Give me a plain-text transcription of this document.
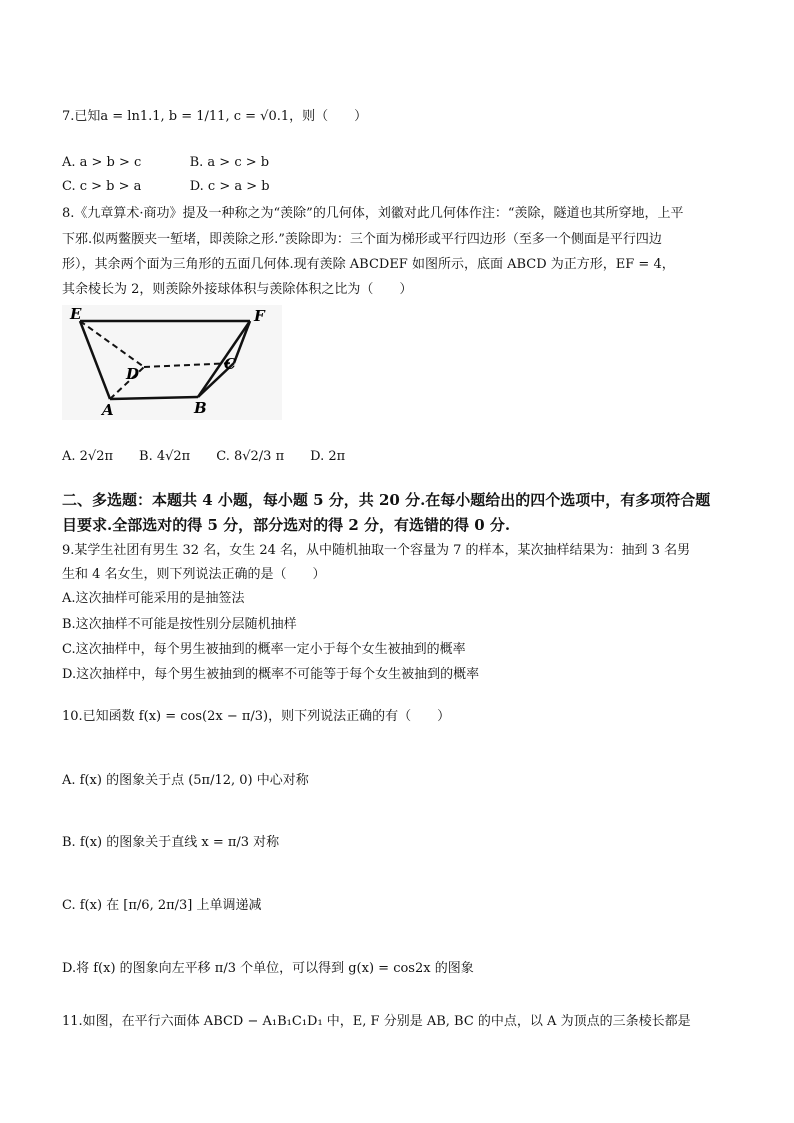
7.已知a = ln1.1, b = 1/11, c = √0.1，则（　　）
A. a > b > c	B. a > c > b
C. c > b > a	D. c > a > b
8.《九章算术·商功》提及一种称之为“羡除”的几何体，刘徽对此几何体作注：“羡除，隧道也其所穿地，上平
下邪.似两鳖腝夹一堑堵，即羡除之形.”羡除即为：三个面为梯形或平行四边形（至多一个侧面是平行四边
形），其余两个面为三角形的五面几何体.现有羡除 ABCDEF 如图所示，底面 ABCD 为正方形，EF = 4，
其余棱长为 2，则羡除外接球体积与羡除体积之比为（　　）
E	F
D
C
A	B
A. 2√2π　　B. 4√2π　　C. 8√2/3 π　　D. 2π
二、多选题：本题共 4 小题，每小题 5 分，共 20 分.在每小题给出的四个选项中，有多项符合题
目要求.全部选对的得 5 分，部分选对的得 2 分，有选错的得 0 分.
9.某学生社团有男生 32 名，女生 24 名，从中随机抽取一个容量为 7 的样本，某次抽样结果为：抽到 3 名男
生和 4 名女生，则下列说法正确的是（　　）
A.这次抽样可能采用的是抽签法
B.这次抽样不可能是按性别分层随机抽样
C.这次抽样中，每个男生被抽到的概率一定小于每个女生被抽到的概率
D.这次抽样中，每个男生被抽到的概率不可能等于每个女生被抽到的概率
10.已知函数 f(x) = cos(2x − π/3)，则下列说法正确的有（　　）
A. f(x) 的图象关于点 (5π/12, 0) 中心对称
B. f(x) 的图象关于直线 x = π/3 对称
C. f(x) 在 [π/6, 2π/3] 上单调递减
D.将 f(x) 的图象向左平移 π/3 个单位，可以得到 g(x) = cos2x 的图象
11.如图，在平行六面体 ABCD − A₁B₁C₁D₁ 中，E, F 分别是 AB, BC 的中点，以 A 为顶点的三条棱长都是
